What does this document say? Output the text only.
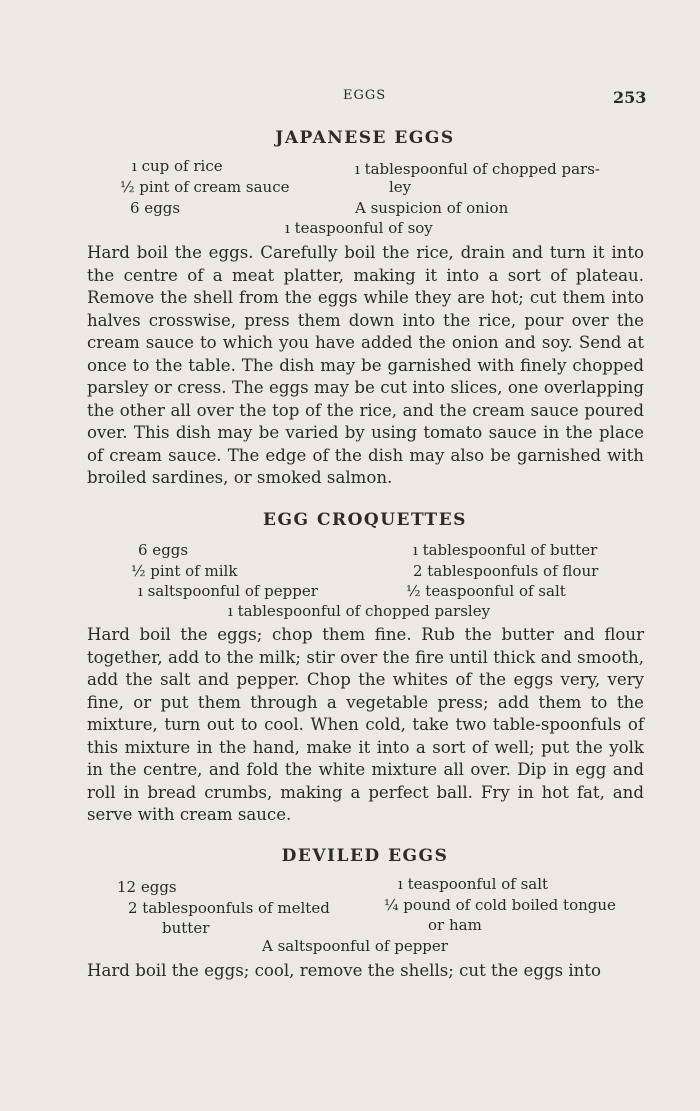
EGGS	253
JAPANESE EGGS
ı cup of rice
½ pint of cream sauce
6 eggs
ı tablespoonful of chopped pars-
ley
A suspicion of onion
ı teaspoonful of soy

Hard boil the eggs. Carefully boil the rice, drain and turn it into the centre of a meat platter, making it into a sort of plateau. Remove the shell from the eggs while they are hot; cut them into halves crosswise, press them down into the rice, pour over the cream sauce to which you have added the onion and soy. Send at once to the table. The dish may be garnished with finely chopped parsley or cress. The eggs may be cut into slices, one overlapping the other all over the top of the rice, and the cream sauce poured over. This dish may be varied by using tomato sauce in the place of cream sauce. The edge of the dish may also be garnished with broiled sardines, or smoked salmon.

EGG CROQUETTES
6 eggs
½ pint of milk
ı saltspoonful of pepper
ı tablespoonful of butter
2 tablespoonfuls of flour
½ teaspoonful of salt
ı tablespoonful of chopped parsley

Hard boil the eggs; chop them fine. Rub the butter and flour together, add to the milk; stir over the fire until thick and smooth, add the salt and pepper. Chop the whites of the eggs very, very fine, or put them through a vegetable press; add them to the mixture, turn out to cool. When cold, take two table-spoonfuls of this mixture in the hand, make it into a sort of well; put the yolk in the centre, and fold the white mixture all over. Dip in egg and roll in bread crumbs, making a perfect ball. Fry in hot fat, and serve with cream sauce.

DEVILED EGGS
12 eggs
2 tablespoonfuls of melted
butter
ı teaspoonful of salt
¼ pound of cold boiled tongue
or ham
A saltspoonful of pepper

Hard boil the eggs; cool, remove the shells; cut the eggs into
